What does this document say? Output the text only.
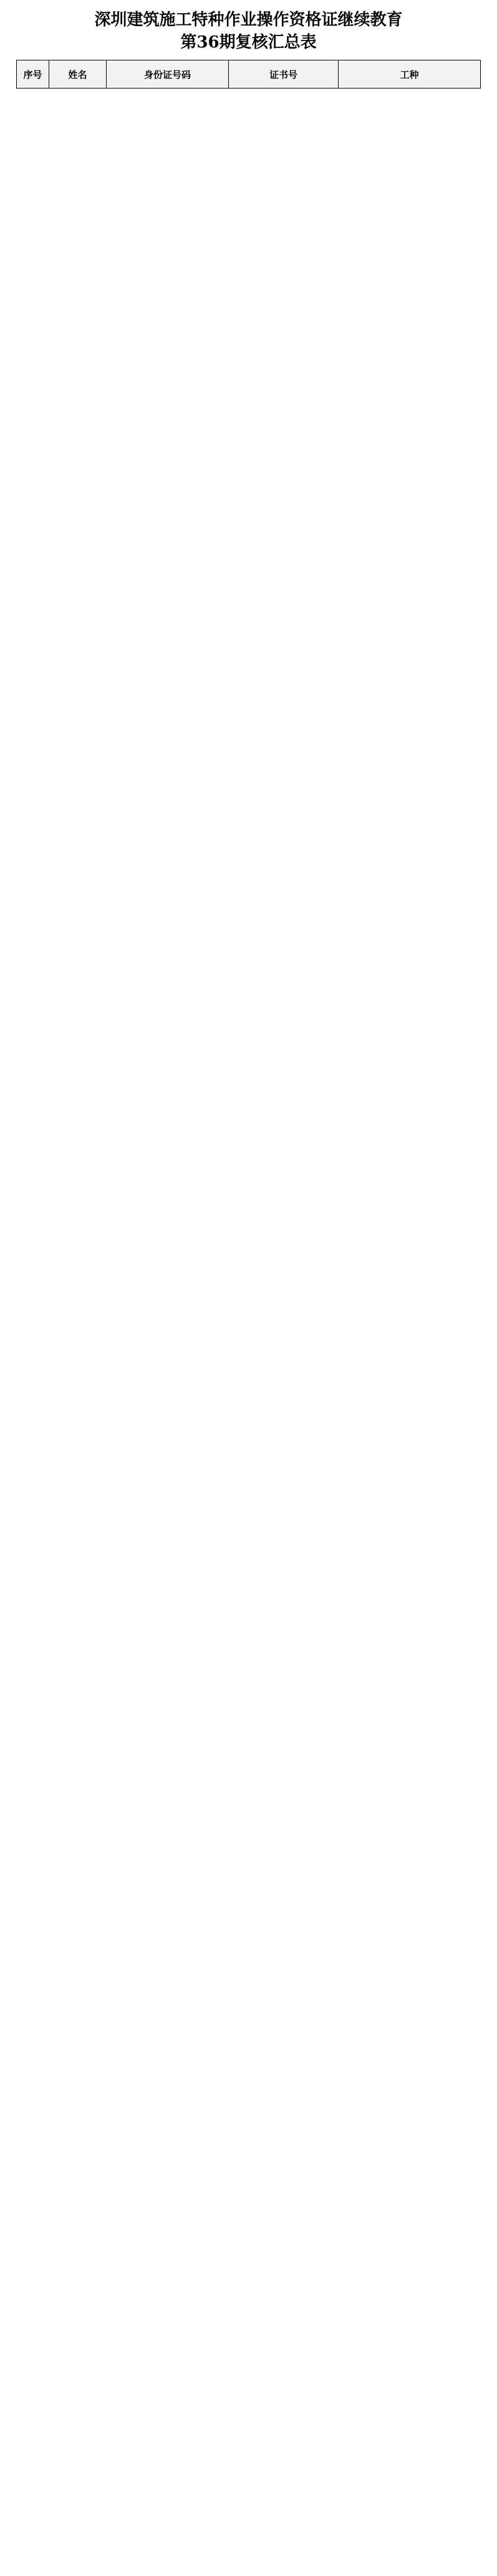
深圳建筑施工特种作业操作资格证继续教育
第36期复核汇总表
序号	姓名	身份证号码	证书号	工种
